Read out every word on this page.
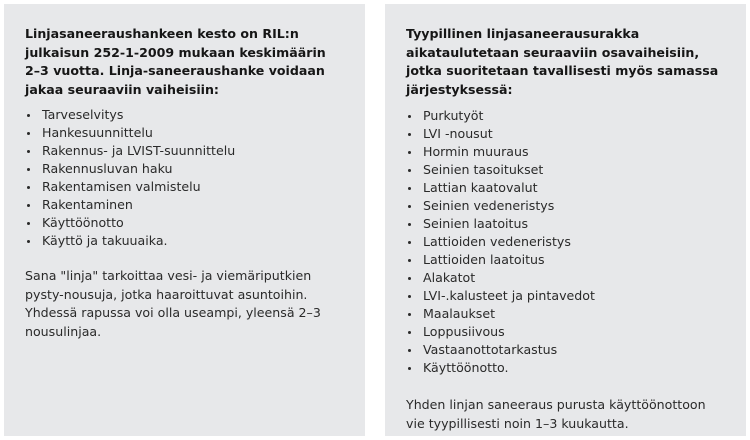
Linjasaneeraushankeen kesto on RIL:n julkaisun 252-1-2009 mukaan keskimäärin 2–3 vuotta. Linja-saneeraushanke voidaan jakaa seuraaviin vaiheisiin:

Tarveselvitys
Hankesuunnittelu
Rakennus- ja LVIST-suunnittelu
Rakennusluvan haku
Rakentamisen valmistelu
Rakentaminen
Käyttöönotto
Käyttö ja takuuaika.

Sana "linja" tarkoittaa vesi- ja viemäriputkien pysty-nousuja, jotka haaroittuvat asuntoihin. Yhdessä rapussa voi olla useampi, yleensä 2–3 nousulinjaa.

Tyypillinen linjasaneerausurakka aikataulutetaan seuraaviin osavaiheisiin, jotka suoritetaan tavallisesti myös samassa järjestyksessä:

Purkutyöt
LVI -nousut
Hormin muuraus
Seinien tasoitukset
Lattian kaatovalut
Seinien vedeneristys
Seinien laatoitus
Lattioiden vedeneristys
Lattioiden laatoitus
Alakatot
LVI-.kalusteet ja pintavedot
Maalaukset
Loppusiivous
Vastaanottotarkastus
Käyttöönotto.

Yhden linjan saneeraus purusta käyttöönottoon vie tyypillisesti noin 1–3 kuukautta.
